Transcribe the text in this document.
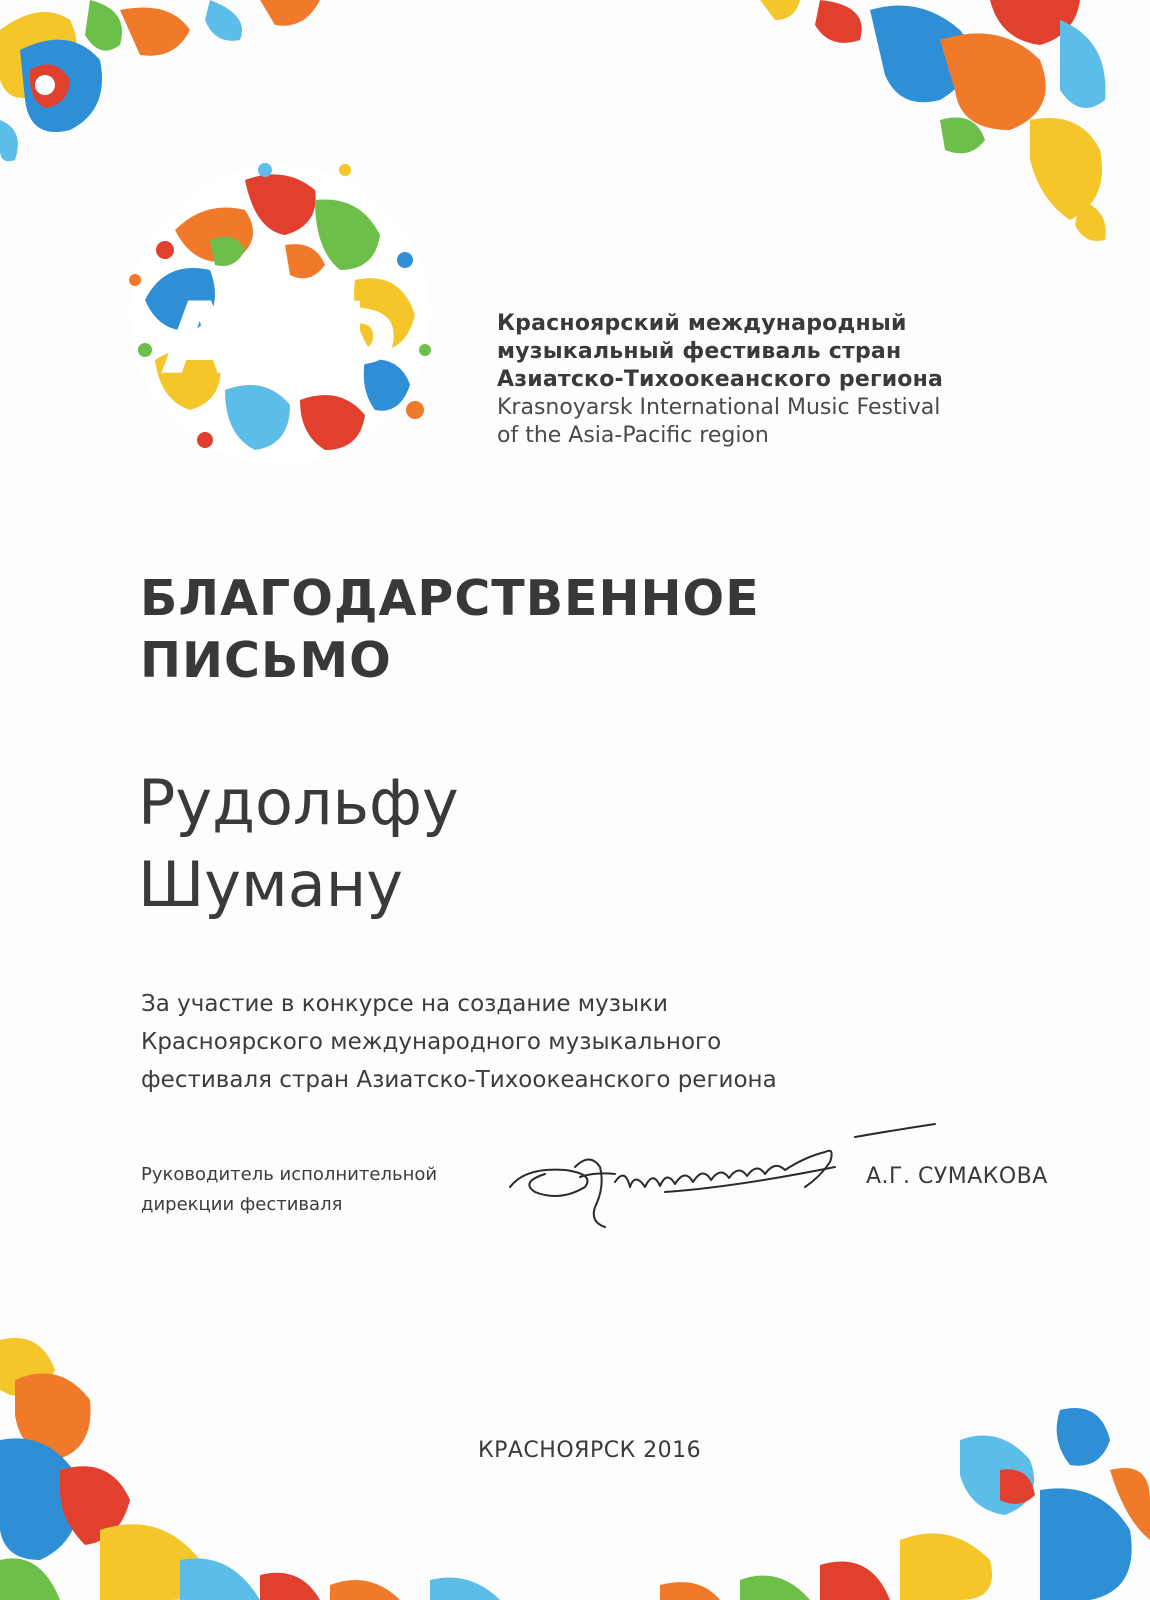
АТФ	Красноярский международный
музыкальный фестиваль стран
Азиатско-Тихоокеанского региона
Krasnoyarsk International Music Festival
of the Asia-Pacific region
БЛАГОДАРСТВЕННОЕ
ПИСЬМО
Рудольфу
Шуману
За участие в конкурсе на создание музыки
Красноярского международного музыкального
фестиваля стран Азиатско-Тихоокеанского региона
Руководитель исполнительной
дирекции фестиваля
А.Г. СУМАКОВА
КРАСНОЯРСК 2016
